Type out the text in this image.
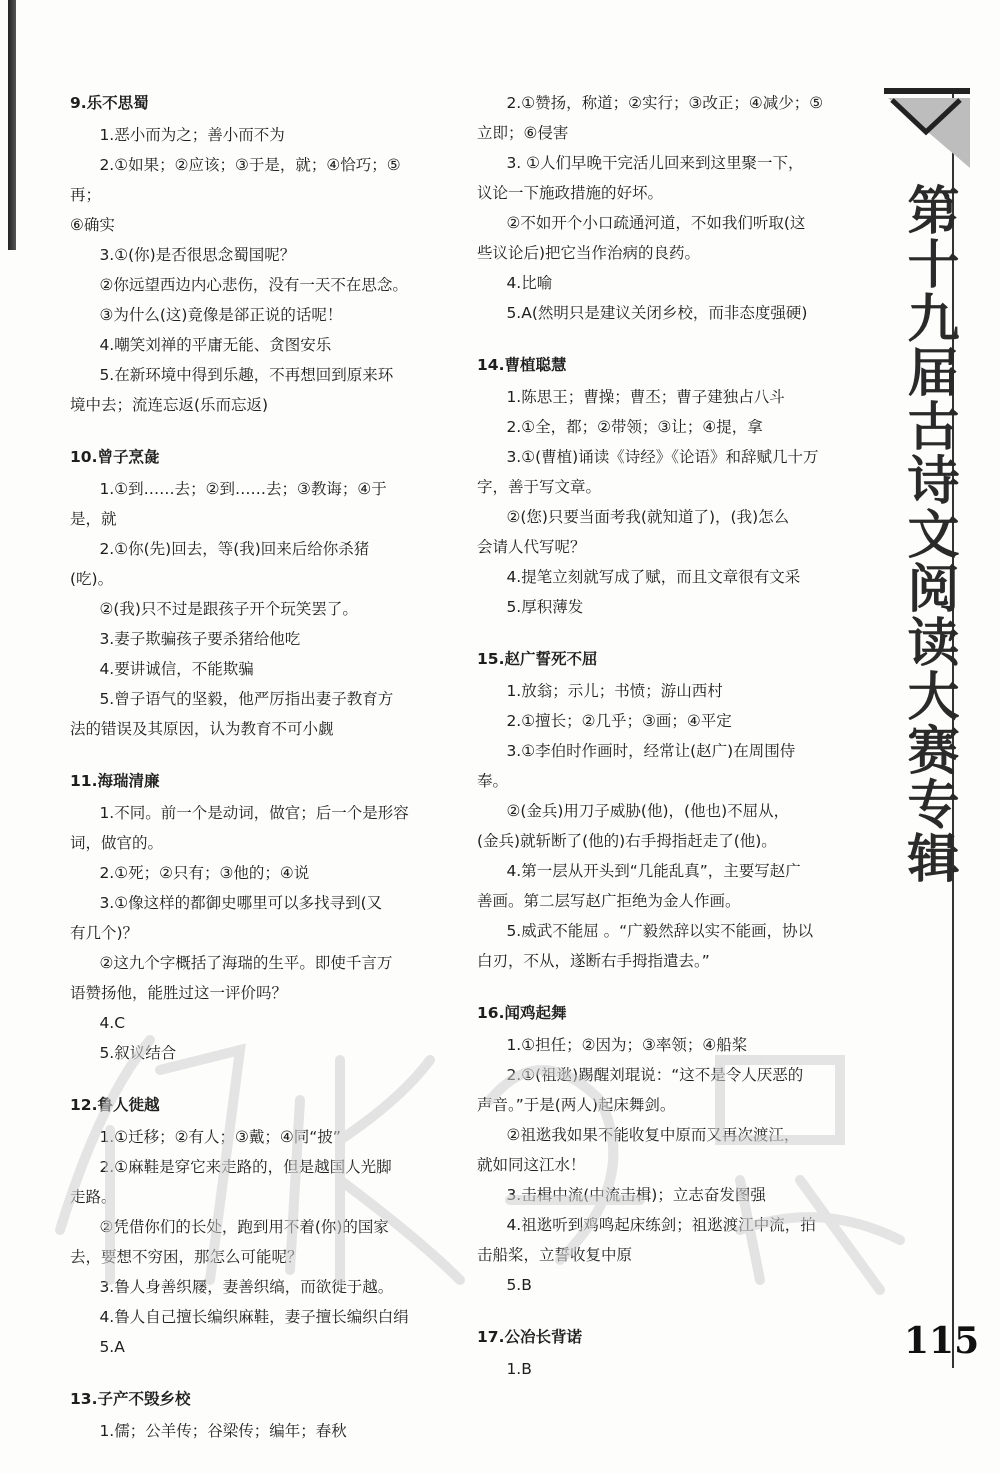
9.乐不思蜀
1.恶小而为之；善小而不为
2.①如果；②应该；③于是，就；④恰巧；⑤再；
⑥确实
3.①(你)是否很思念蜀国呢？
②你远望西边内心悲伤，没有一天不在思念。
③为什么(这)竟像是郤正说的话呢！
4.嘲笑刘禅的平庸无能、贪图安乐
5.在新环境中得到乐趣，不再想回到原来环
境中去；流连忘返(乐而忘返)
10.曾子烹彘
1.①到……去；②到……去；③教诲；④于是，就
2.①你(先)回去，等(我)回来后给你杀猪
(吃)。
②(我)只不过是跟孩子开个玩笑罢了。
3.妻子欺骗孩子要杀猪给他吃
4.要讲诚信，不能欺骗
5.曾子语气的坚毅，他严厉指出妻子教育方
法的错误及其原因，认为教育不可小觑
11.海瑞清廉
1.不同。前一个是动词，做官；后一个是形容
词，做官的。
2.①死；②只有；③他的；④说
3.①像这样的都御史哪里可以多找寻到(又
有几个)？
②这九个字概括了海瑞的生平。即使千言万
语赞扬他，能胜过这一评价吗？
4.C
5.叙议结合
12.鲁人徙越
1.①迁移；②有人；③戴；④同“披”
2.①麻鞋是穿它来走路的，但是越国人光脚
走路。
②凭借你们的长处，跑到用不着(你)的国家
去，要想不穷困，那怎么可能呢？
3.鲁人身善织屦，妻善织缟，而欲徙于越。
4.鲁人自己擅长编织麻鞋，妻子擅长编织白绢
5.A
13.子产不毁乡校
1.儒；公羊传；谷梁传；编年；春秋
2.①赞扬，称道；②实行；③改正；④减少；⑤
立即；⑥侵害
3. ①人们早晚干完活儿回来到这里聚一下，
议论一下施政措施的好坏。
②不如开个小口疏通河道，不如我们听取(这
些议论后)把它当作治病的良药。
4.比喻
5.A(然明只是建议关闭乡校，而非态度强硬)
14.曹植聪慧
1.陈思王；曹操；曹丕；曹子建独占八斗
2.①全，都；②带领；③让；④提，拿
3.①(曹植)诵读《诗经》《论语》和辞赋几十万
字，善于写文章。
②(您)只要当面考我(就知道了)，(我)怎么
会请人代写呢？
4.提笔立刻就写成了赋，而且文章很有文采
5.厚积薄发
15.赵广誓死不屈
1.放翁；示儿；书愤；游山西村
2.①擅长；②几乎；③画；④平定
3.①李伯时作画时，经常让(赵广)在周围侍
奉。
②(金兵)用刀子威胁(他)，(他也)不屈从，
(金兵)就斩断了(他的)右手拇指赶走了(他)。
4.第一层从开头到“几能乱真”，主要写赵广
善画。第二层写赵广拒绝为金人作画。
5.威武不能屈 。“广毅然辞以实不能画，协以
白刃，不从，遂断右手拇指遣去。”
16.闻鸡起舞
1.①担任；②因为；③率领；④船桨
2.①(祖逖)踢醒刘琨说：“这不是令人厌恶的
声音。”于是(两人)起床舞剑。
②祖逖我如果不能收复中原而又再次渡江，
就如同这江水！
3.击楫中流(中流击楫)；立志奋发图强
4.祖逖听到鸡鸣起床练剑；祖逖渡江中流，拍
击船桨，立誓收复中原
5.B
17.公冶长背诺
1.B
第十九届古诗文阅读大赛专辑
115
